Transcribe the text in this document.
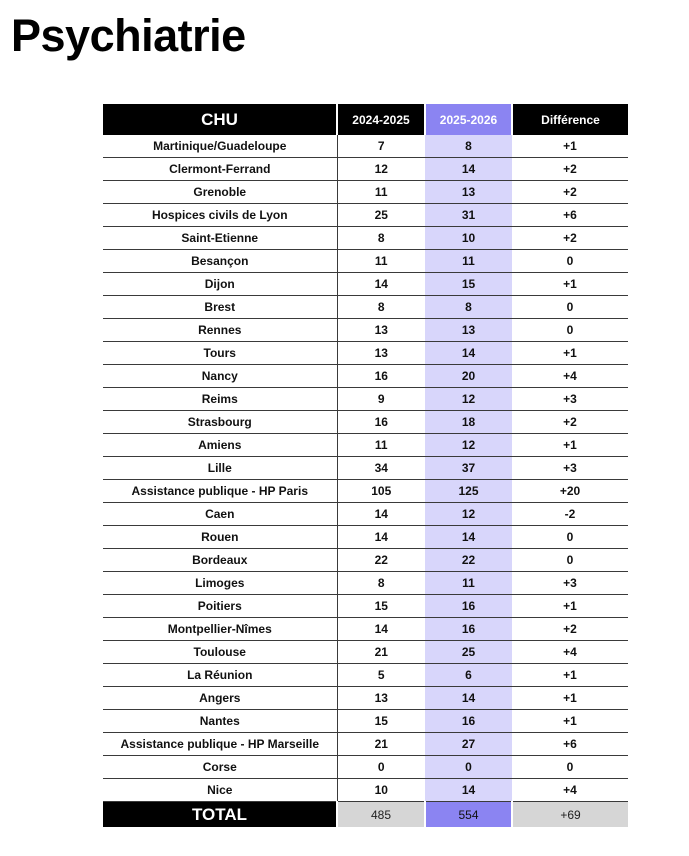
Psychiatrie
CHU	2024-2025	2025-2026	Différence
Martinique/Guadeloupe	7	8	+1
Clermont-Ferrand	12	14	+2
Grenoble	11	13	+2
Hospices civils de Lyon	25	31	+6
Saint-Etienne	8	10	+2
Besançon	11	11	0
Dijon	14	15	+1
Brest	8	8	0
Rennes	13	13	0
Tours	13	14	+1
Nancy	16	20	+4
Reims	9	12	+3
Strasbourg	16	18	+2
Amiens	11	12	+1
Lille	34	37	+3
Assistance publique - HP Paris	105	125	+20
Caen	14	12	-2
Rouen	14	14	0
Bordeaux	22	22	0
Limoges	8	11	+3
Poitiers	15	16	+1
Montpellier-Nîmes	14	16	+2
Toulouse	21	25	+4
La Réunion	5	6	+1
Angers	13	14	+1
Nantes	15	16	+1
Assistance publique - HP Marseille	21	27	+6
Corse	0	0	0
Nice	10	14	+4
TOTAL	485	554	+69
